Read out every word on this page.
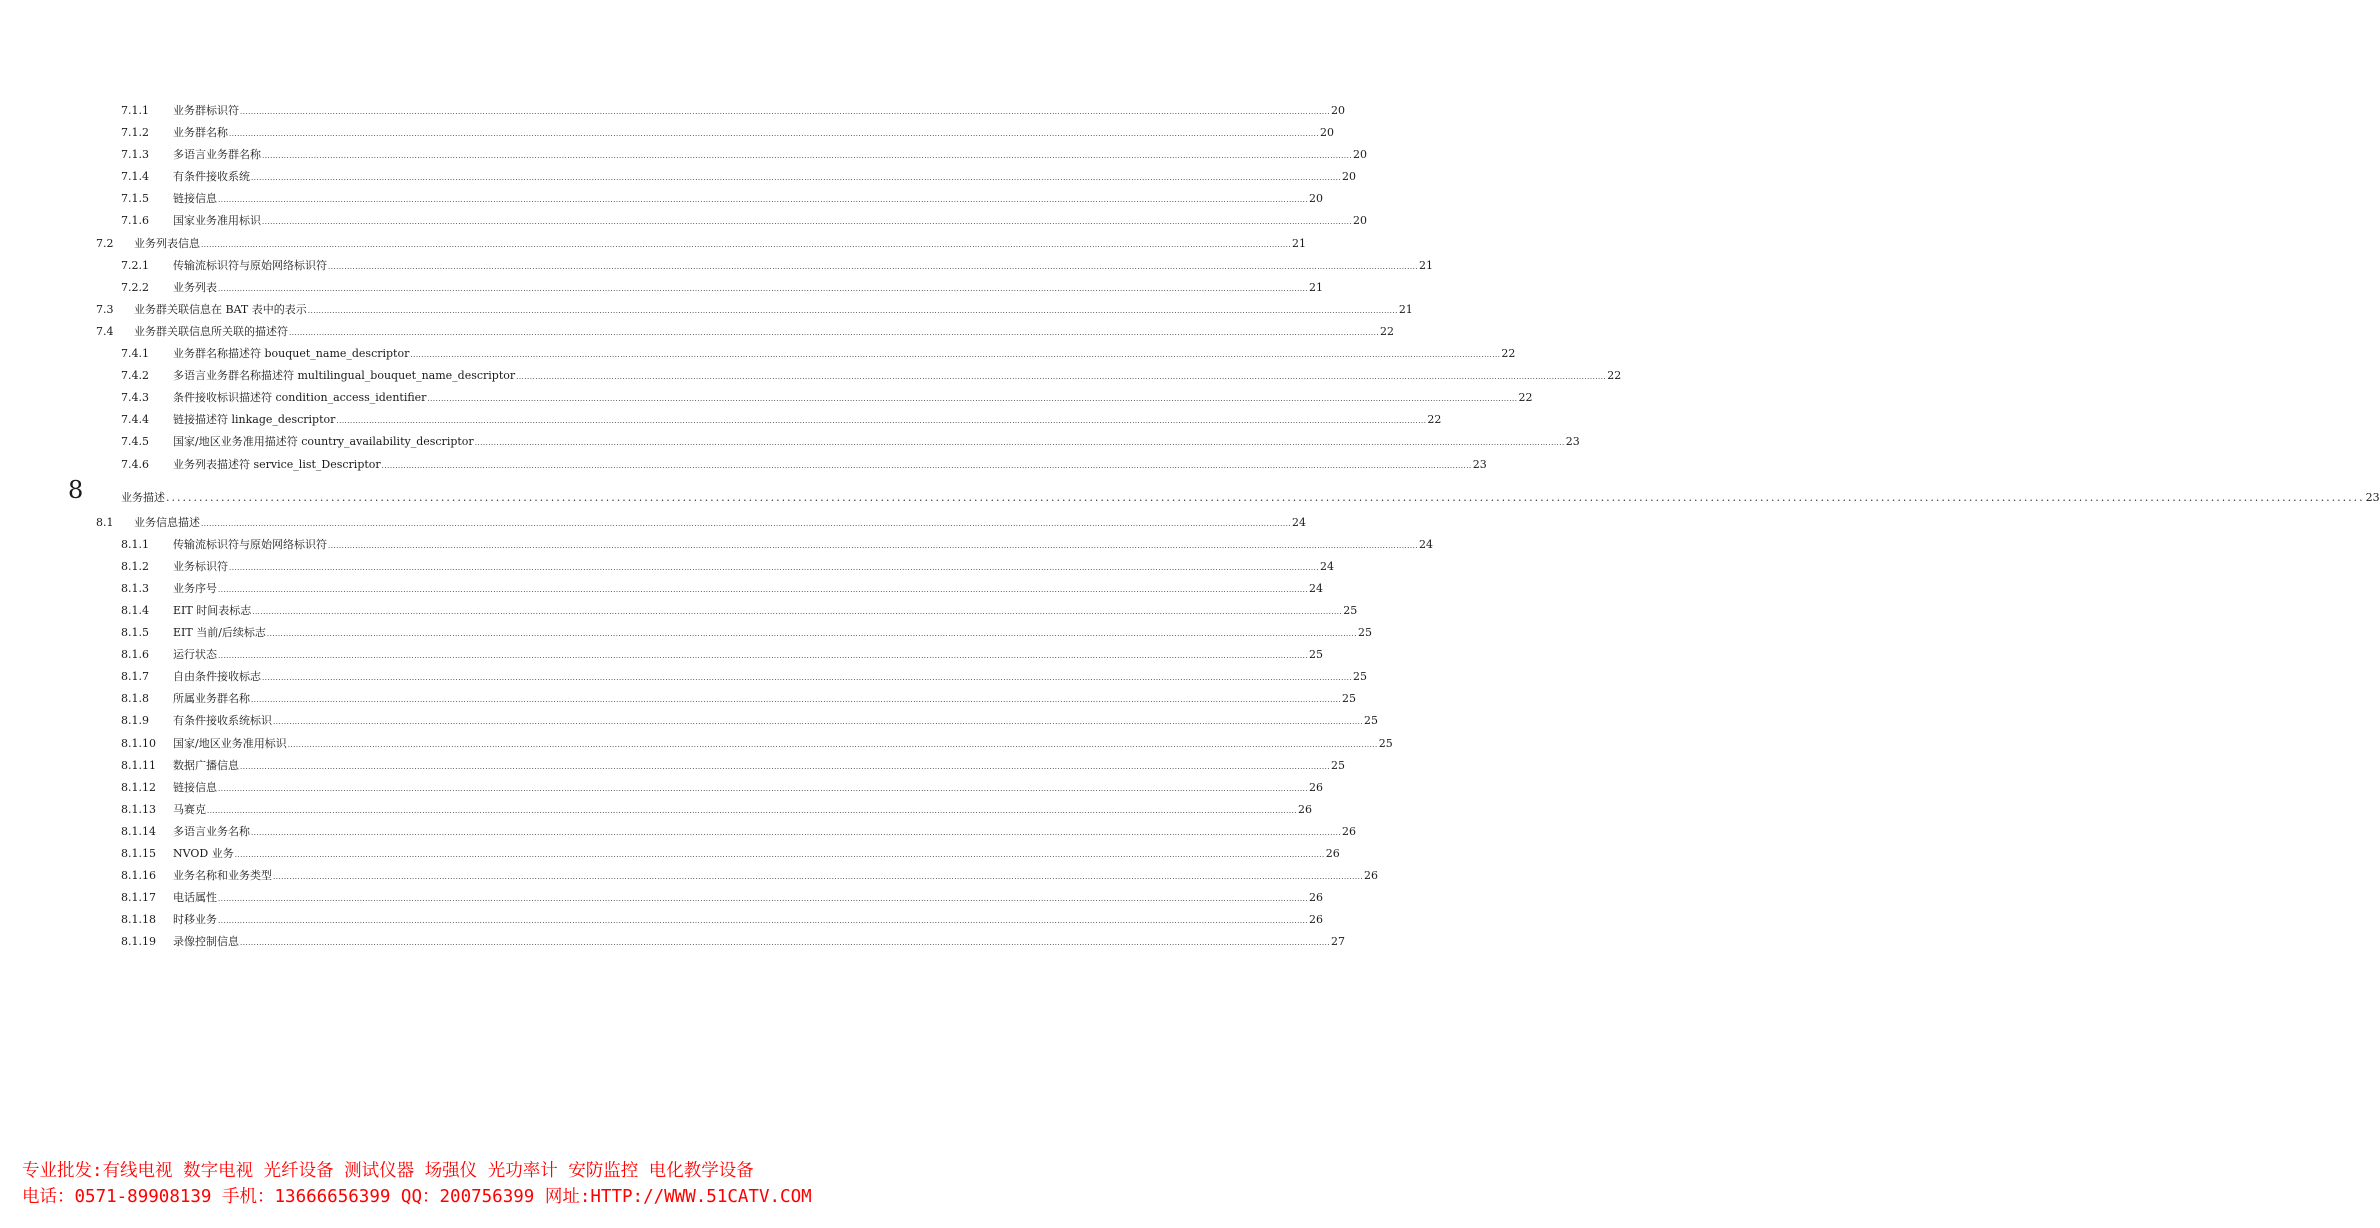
7.1.1 业务群标识符 ................................................................................................................................................................................................................................................................................................................................................................................................................ 20
7.1.2 业务群名称 ................................................................................................................................................................................................................................................................................................................................................................................................................ 20
7.1.3 多语言业务群名称 ................................................................................................................................................................................................................................................................................................................................................................................................................ 20
7.1.4 有条件接收系统 ................................................................................................................................................................................................................................................................................................................................................................................................................ 20
7.1.5 链接信息 ................................................................................................................................................................................................................................................................................................................................................................................................................ 20
7.1.6 国家业务准用标识 ................................................................................................................................................................................................................................................................................................................................................................................................................ 20
7.2 业务列表信息 ................................................................................................................................................................................................................................................................................................................................................................................................................ 21
7.2.1 传输流标识符与原始网络标识符 ................................................................................................................................................................................................................................................................................................................................................................................................................ 21
7.2.2 业务列表 ................................................................................................................................................................................................................................................................................................................................................................................................................ 21
7.3 业务群关联信息在 BAT 表中的表示 ................................................................................................................................................................................................................................................................................................................................................................................................................ 21
7.4 业务群关联信息所关联的描述符 ................................................................................................................................................................................................................................................................................................................................................................................................................ 22
7.4.1 业务群名称描述符 bouquet_name_descriptor ................................................................................................................................................................................................................................................................................................................................................................................................................ 22
7.4.2 多语言业务群名称描述符 multilingual_bouquet_name_descriptor ................................................................................................................................................................................................................................................................................................................................................................................................................ 22
7.4.3 条件接收标识描述符 condition_access_identifier ................................................................................................................................................................................................................................................................................................................................................................................................................ 22
7.4.4 链接描述符 linkage_descriptor ................................................................................................................................................................................................................................................................................................................................................................................................................ 22
7.4.5 国家/地区业务准用描述符 country_availability_descriptor ................................................................................................................................................................................................................................................................................................................................................................................................................ 23
7.4.6 业务列表描述符 service_list_Descriptor ................................................................................................................................................................................................................................................................................................................................................................................................................ 23
8	业务描述 ................................................................................................................................................................................................................................................................................................................................................................................................................ 23
8.1 业务信息描述 ................................................................................................................................................................................................................................................................................................................................................................................................................ 24
8.1.1 传输流标识符与原始网络标识符 ................................................................................................................................................................................................................................................................................................................................................................................................................ 24
8.1.2 业务标识符 ................................................................................................................................................................................................................................................................................................................................................................................................................ 24
8.1.3 业务序号 ................................................................................................................................................................................................................................................................................................................................................................................................................ 24
8.1.4 EIT 时间表标志 ................................................................................................................................................................................................................................................................................................................................................................................................................ 25
8.1.5 EIT 当前/后续标志 ................................................................................................................................................................................................................................................................................................................................................................................................................ 25
8.1.6 运行状态 ................................................................................................................................................................................................................................................................................................................................................................................................................ 25
8.1.7 自由条件接收标志 ................................................................................................................................................................................................................................................................................................................................................................................................................ 25
8.1.8 所属业务群名称 ................................................................................................................................................................................................................................................................................................................................................................................................................ 25
8.1.9 有条件接收系统标识 ................................................................................................................................................................................................................................................................................................................................................................................................................ 25
8.1.10 国家/地区业务准用标识 ................................................................................................................................................................................................................................................................................................................................................................................................................ 25
8.1.11 数据广播信息 ................................................................................................................................................................................................................................................................................................................................................................................................................ 25
8.1.12 链接信息 ................................................................................................................................................................................................................................................................................................................................................................................................................ 26
8.1.13 马赛克 ................................................................................................................................................................................................................................................................................................................................................................................................................ 26
8.1.14 多语言业务名称 ................................................................................................................................................................................................................................................................................................................................................................................................................ 26
8.1.15 NVOD 业务 ................................................................................................................................................................................................................................................................................................................................................................................................................ 26
8.1.16 业务名称和业务类型 ................................................................................................................................................................................................................................................................................................................................................................................................................ 26
8.1.17 电话属性 ................................................................................................................................................................................................................................................................................................................................................................................................................ 26
8.1.18 时移业务 ................................................................................................................................................................................................................................................................................................................................................................................................................ 26
8.1.19 录像控制信息 ................................................................................................................................................................................................................................................................................................................................................................................................................ 27
专业批发:有线电视 数字电视 光纤设备 测试仪器 场强仪 光功率计 安防监控 电化教学设备
电话：0571-89908139 手机：13666656399 QQ：200756399 网址:HTTP://WWW.51CATV.COM
